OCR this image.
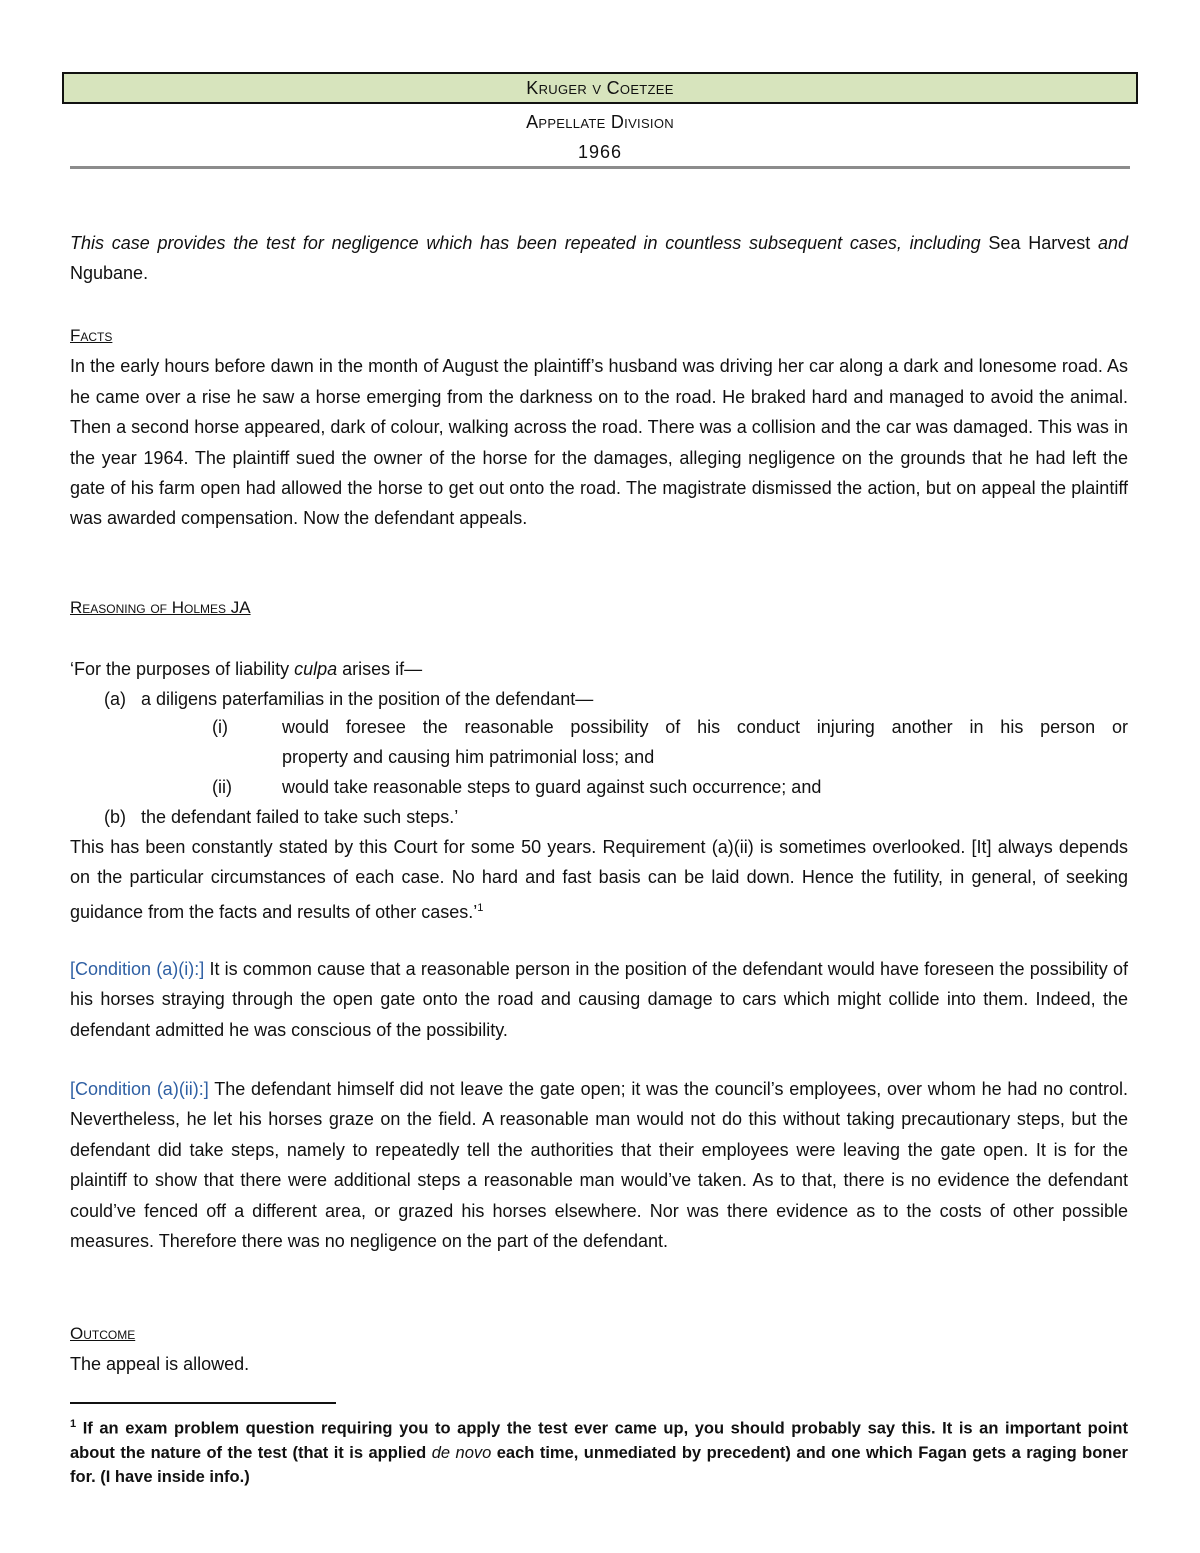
Kruger v Coetzee
Appellate Division
1966

This case provides the test for negligence which has been repeated in countless subsequent cases, including Sea Harvest and Ngubane.

Facts

In the early hours before dawn in the month of August the plaintiff’s husband was driving her car along a dark and lonesome road. As he came over a rise he saw a horse emerging from the darkness on to the road. He braked hard and managed to avoid the animal. Then a second horse appeared, dark of colour, walking across the road. There was a collision and the car was damaged. This was in the year 1964. The plaintiff sued the owner of the horse for the damages, alleging negligence on the grounds that he had left the gate of his farm open had allowed the horse to get out onto the road. The magistrate dismissed the action, but on appeal the plaintiff was awarded compensation. Now the defendant appeals.

Reasoning of Holmes JA

‘For the purposes of liability culpa arises if—
(a) a diligens paterfamilias in the position of the defendant—
(i)	would foresee the reasonable possibility of his conduct injuring another in his person or
property and causing him patrimonial loss; and
(ii)	would take reasonable steps to guard against such occurrence; and
(b) the defendant failed to take such steps.’

This has been constantly stated by this Court for some 50 years. Requirement (a)(ii) is sometimes overlooked. [It] always depends on the particular circumstances of each case. No hard and fast basis can be laid down. Hence the futility, in general, of seeking guidance from the facts and results of other cases.’$^1$

[Condition (a)(i):] It is common cause that a reasonable person in the position of the defendant would have foreseen the possibility of his horses straying through the open gate onto the road and causing damage to cars which might collide into them. Indeed, the defendant admitted he was conscious of the possibility.

[Condition (a)(ii):] The defendant himself did not leave the gate open; it was the council’s employees, over whom he had no control. Nevertheless, he let his horses graze on the field. A reasonable man would not do this without taking precautionary steps, but the defendant did take steps, namely to repeatedly tell the authorities that their employees were leaving the gate open. It is for the plaintiff to show that there were additional steps a reasonable man would’ve taken. As to that, there is no evidence the defendant could’ve fenced off a different area, or grazed his horses elsewhere. Nor was there evidence as to the costs of other possible measures. Therefore there was no negligence on the part of the defendant.

Outcome

The appeal is allowed.

$^1$ If an exam problem question requiring you to apply the test ever came up, you should probably say this. It is an important point about the nature of the test (that it is applied de novo each time, unmediated by precedent) and one which Fagan gets a raging boner for. (I have inside info.)
